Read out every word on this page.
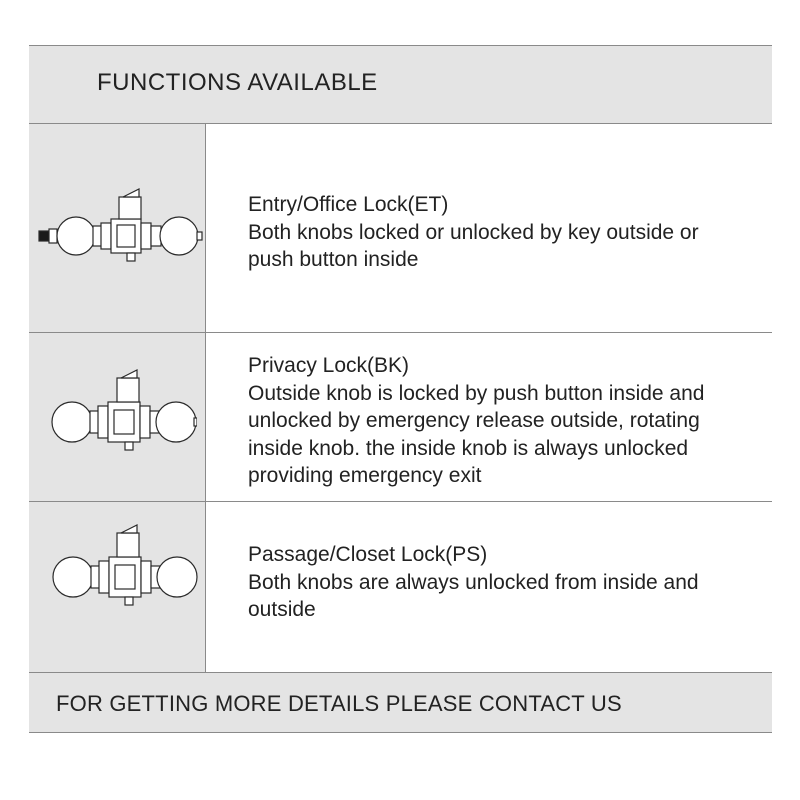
FUNCTIONS AVAILABLE
Entry/Office Lock(ET)
Both knobs locked or unlocked by key outside or
push button inside
Privacy Lock(BK)
Outside knob is locked by push button inside and
unlocked by emergency release outside, rotating
inside knob. the inside knob is always unlocked
providing emergency exit
Passage/Closet Lock(PS)
Both knobs are always unlocked from inside and
outside
FOR GETTING MORE DETAILS PLEASE CONTACT US
